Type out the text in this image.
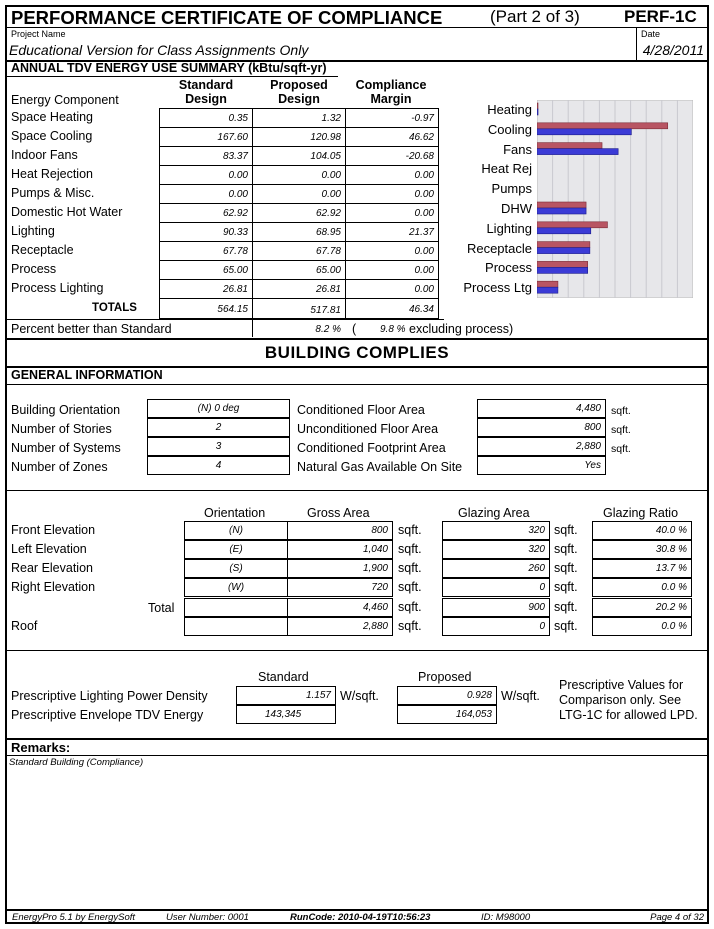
PERFORMANCE CERTIFICATE OF COMPLIANCE	(Part 2 of 3)	PERF-1C
Project Name
Educational Version for Class Assignments Only
Date
4/28/2011
ANNUAL TDV ENERGY USE SUMMARY (kBtu/sqft-yr)
Energy Component
Standard Design
Proposed Design
Compliance Margin
Space Heating	0.35	1.32	-0.97
Space Cooling	167.60	120.98	46.62
Indoor Fans	83.37	104.05	-20.68
Heat Rejection	0.00	0.00	0.00
Pumps & Misc.	0.00	0.00	0.00
Domestic Hot Water	62.92	62.92	0.00
Lighting	90.33	68.95	21.37
Receptacle	67.78	67.78	0.00
Process	65.00	65.00	0.00
Process Lighting	26.81	26.81	0.00
TOTALS	564.15	517.81	46.34
Percent better than Standard	8.2 % ( 9.8 % excluding process)
Heating
Cooling
Fans
Heat Rej
Pumps
DHW
Lighting
Receptacle
Process
Process Ltg
BUILDING COMPLIES
GENERAL INFORMATION
Building Orientation	(N) 0 deg
Number of Stories	2
Number of Systems	3
Number of Zones	4
Conditioned Floor Area	4,480 sqft.
Unconditioned Floor Area	800 sqft.
Conditioned Footprint Area	2,880 sqft.
Natural Gas Available On Site	Yes
Orientation	Gross Area	Glazing Area	Glazing Ratio
Front Elevation	(N)	800 sqft.	320 sqft.	40.0 %
Left Elevation	(E)	1,040 sqft.	320 sqft.	30.8 %
Rear Elevation	(S)	1,900 sqft.	260 sqft.	13.7 %
Right Elevation	(W)	720 sqft.	0 sqft.	0.0 %
Total	4,460 sqft.	900 sqft.	20.2 %
Roof	2,880 sqft.	0 sqft.	0.0 %
Standard	Proposed
Prescriptive Lighting Power Density	1.157 W/sqft.	0.928 W/sqft.
Prescriptive Envelope TDV Energy	143,345	164,053
Prescriptive Values for
Comparison only. See
LTG-1C for allowed LPD.
Remarks:
Standard Building (Compliance)
EnergyPro 5.1 by EnergySoft	User Number: 0001	RunCode: 2010-04-19T10:56:23	ID: M98000	Page 4 of 32
